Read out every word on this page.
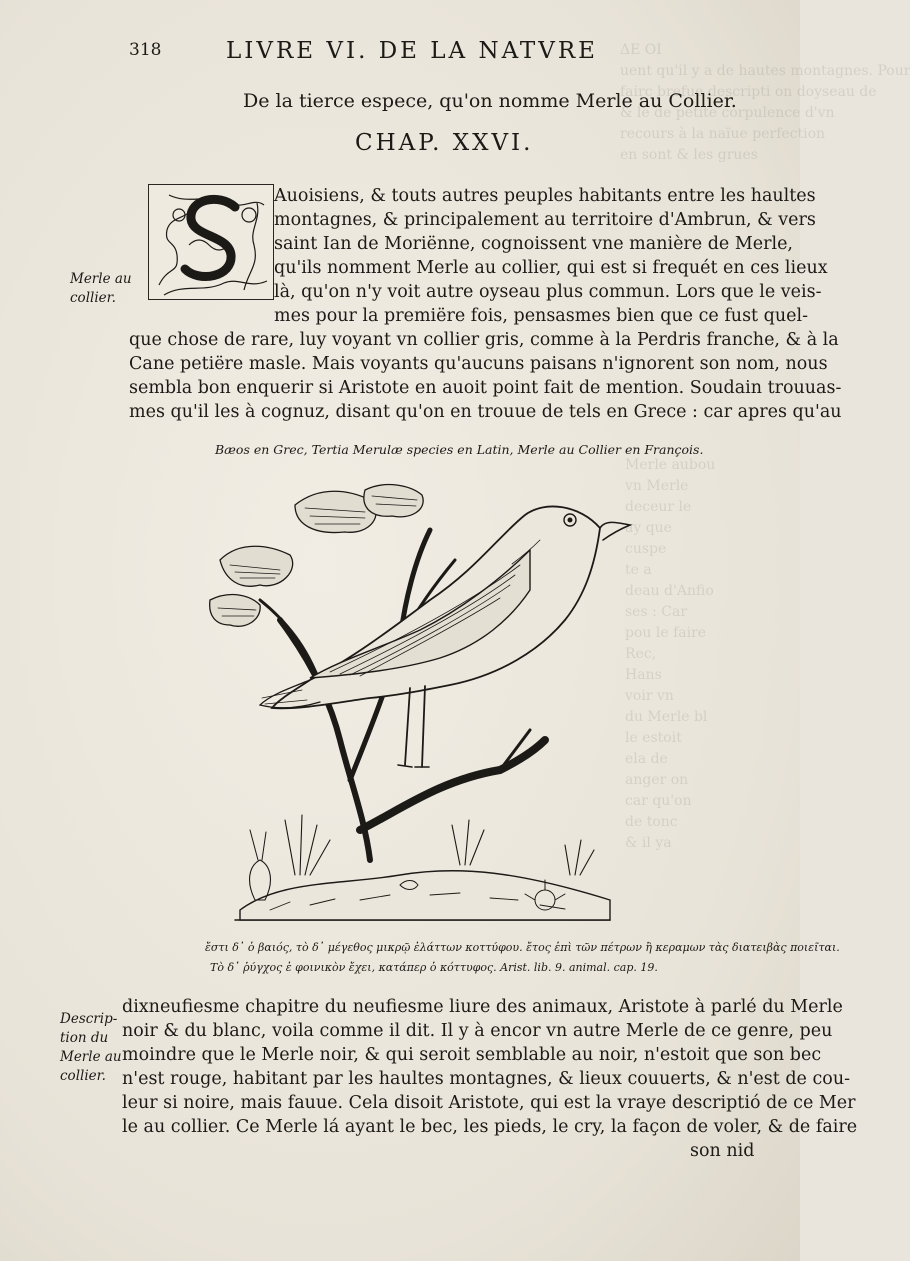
ΔΕ ΟΙ
uent qu'il y a de hautes montagnes. Pour
fairc brefue descripti on doyseau de
& le de petite corpulence d'vn
recours à la naïue perfection
en sont & les grues
Merle aubou
vn Merle
deceur le
ay que
cuspe
te a
deau d'Anfio
ses : Car
pou le faire
Rec,
Hans
voir vn
du Merle bl
le estoit
ela de
anger on
car qu'on
de tonc
& il ya
318	LIVRE VI. DE LA NATVRE
De la tierce espece, qu'on nomme Merle au Collier.
CHAP. XXVI.
Auoisiens, & touts autres peuples habitants entre les haultes
montagnes, & principalement au territoire d'Ambrun, & vers
saint Ian de Moriënne, cognoissent vne manière de Merle,
qu'ils nomment Merle au collier, qui est si frequét en ces lieux
là, qu'on n'y voit autre oyseau plus commun. Lors que le veis-
mes pour la premiëre fois, pensasmes bien que ce fust quel-
que chose de rare, luy voyant vn collier gris, comme à la Perdris franche, & à la
Cane petiëre masle. Mais voyants qu'aucuns paisans n'ignorent son nom, nous
sembla bon enquerir si Aristote en auoit point fait de mention. Soudain trouuas-
mes qu'il les à cognuz, disant qu'on en trouue de tels en Grece : car apres qu'au
Merle au
collier.
Bæos en Grec, Tertia Merulæ species en Latin, Merle au Collier en François.
ἔστι δ᾽ ὁ βαιός, τὸ δ᾽ μέγεθος μικρῷ ἐλάττων κοττύφου. ἔτος ἐπὶ τῶν πέτρων ἢ κεραμων τὰς διατειβὰς ποιεῖται.
Τὸ δ᾽ ῥύγχος ἐ φοινικὸν ἔχει, κατάπερ ὁ κόττυφος. Arist. lib. 9. animal. cap. 19.
Descrip-
tion du
Merle au
collier.
dixneufiesme chapitre du neufiesme liure des animaux, Aristote à parlé du Merle
noir & du blanc, voila comme il dit. Il y à encor vn autre Merle de ce genre, peu
moindre que le Merle noir, & qui seroit semblable au noir, n'estoit que son bec
n'est rouge, habitant par les haultes montagnes, & lieux couuerts, & n'est de cou-
leur si noire, mais fauue. Cela disoit Aristote, qui est la vraye descriptió de ce Mer
le au collier. Ce Merle lá ayant le bec, les pieds, le cry, la façon de voler, & de faire
son nid
